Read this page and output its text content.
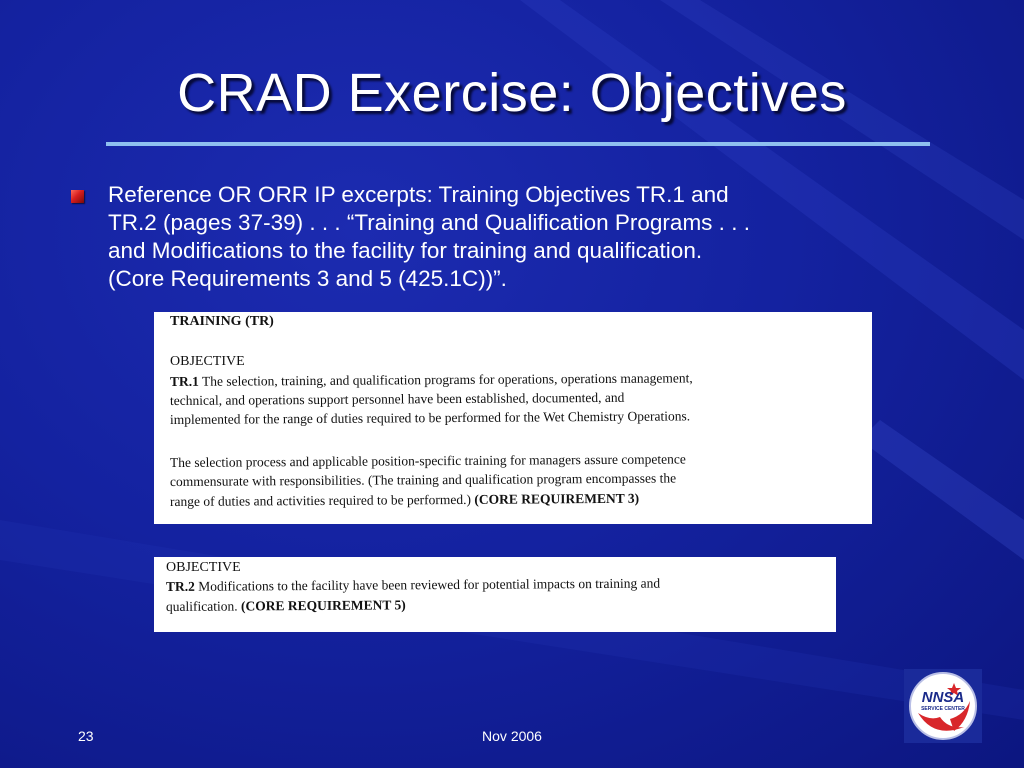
CRAD Exercise: Objectives
Reference OR ORR IP excerpts: Training Objectives TR.1 and
TR.2 (pages 37-39) . . . “Training and Qualification Programs . . .
and Modifications to the facility for training and qualification.
(Core Requirements 3 and 5 (425.1C))”.
TRAINING (TR)
OBJECTIVE
TR.1 The selection, training, and qualification programs for operations, operations management,
technical, and operations support personnel have been established, documented, and
implemented for the range of duties required to be performed for the Wet Chemistry Operations.
The selection process and applicable position-specific training for managers assure competence
commensurate with responsibilities. (The training and qualification program encompasses the
range of duties and activities required to be performed.) (CORE REQUIREMENT 3)
OBJECTIVE
TR.2 Modifications to the facility have been reviewed for potential impacts on training and
qualification. (CORE REQUIREMENT 5)
NNSA
SERVICE CENTER
23	Nov 2006
